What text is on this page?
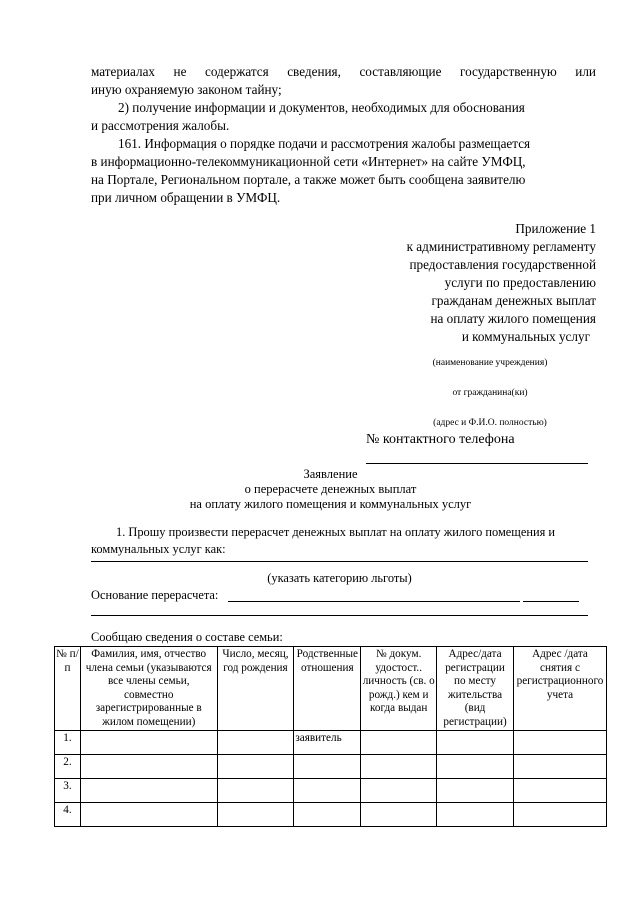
материалах не содержатся сведения, составляющие государственную или
иную охраняемую законом тайну;
2) получение информации и документов, необходимых для обоснования
и рассмотрения жалобы.
161. Информация о порядке подачи и рассмотрения жалобы размещается
в информационно-телекоммуникационной сети «Интернет» на сайте УМФЦ,
на Портале, Региональном портале, а также может быть сообщена заявителю
при личном обращении в УМФЦ.
Приложение 1
к административному регламенту
предоставления государственной
услуги по предоставлению
гражданам денежных выплат
на оплату жилого помещения
и коммунальных услуг
(наименование учреждения)
от гражданина(ки)
(адрес и Ф.И.О. полностью)
№ контактного телефона
Заявление
о перерасчете денежных выплат
на оплату жилого помещения и коммунальных услуг
1. Прошу произвести перерасчет денежных выплат на оплату жилого помещения и
коммунальных услуг как:
(указать категорию льготы)
Основание перерасчета:
Сообщаю сведения о составе семьи:
№ п/п	Фамилия, имя, отчество члена семьи (указываются все члены семьи, совместно зарегистрированные в жилом помещении)	Число, месяц, год рождения	Родственные отношения	№ докум. удостост.. личность (св. о рожд.) кем и когда выдан	Адрес/дата регистрации по месту жительства (вид регистрации)	Адрес /дата снятия с регистрационного учета
1.			заявитель			
2.						
3.						
4.						
